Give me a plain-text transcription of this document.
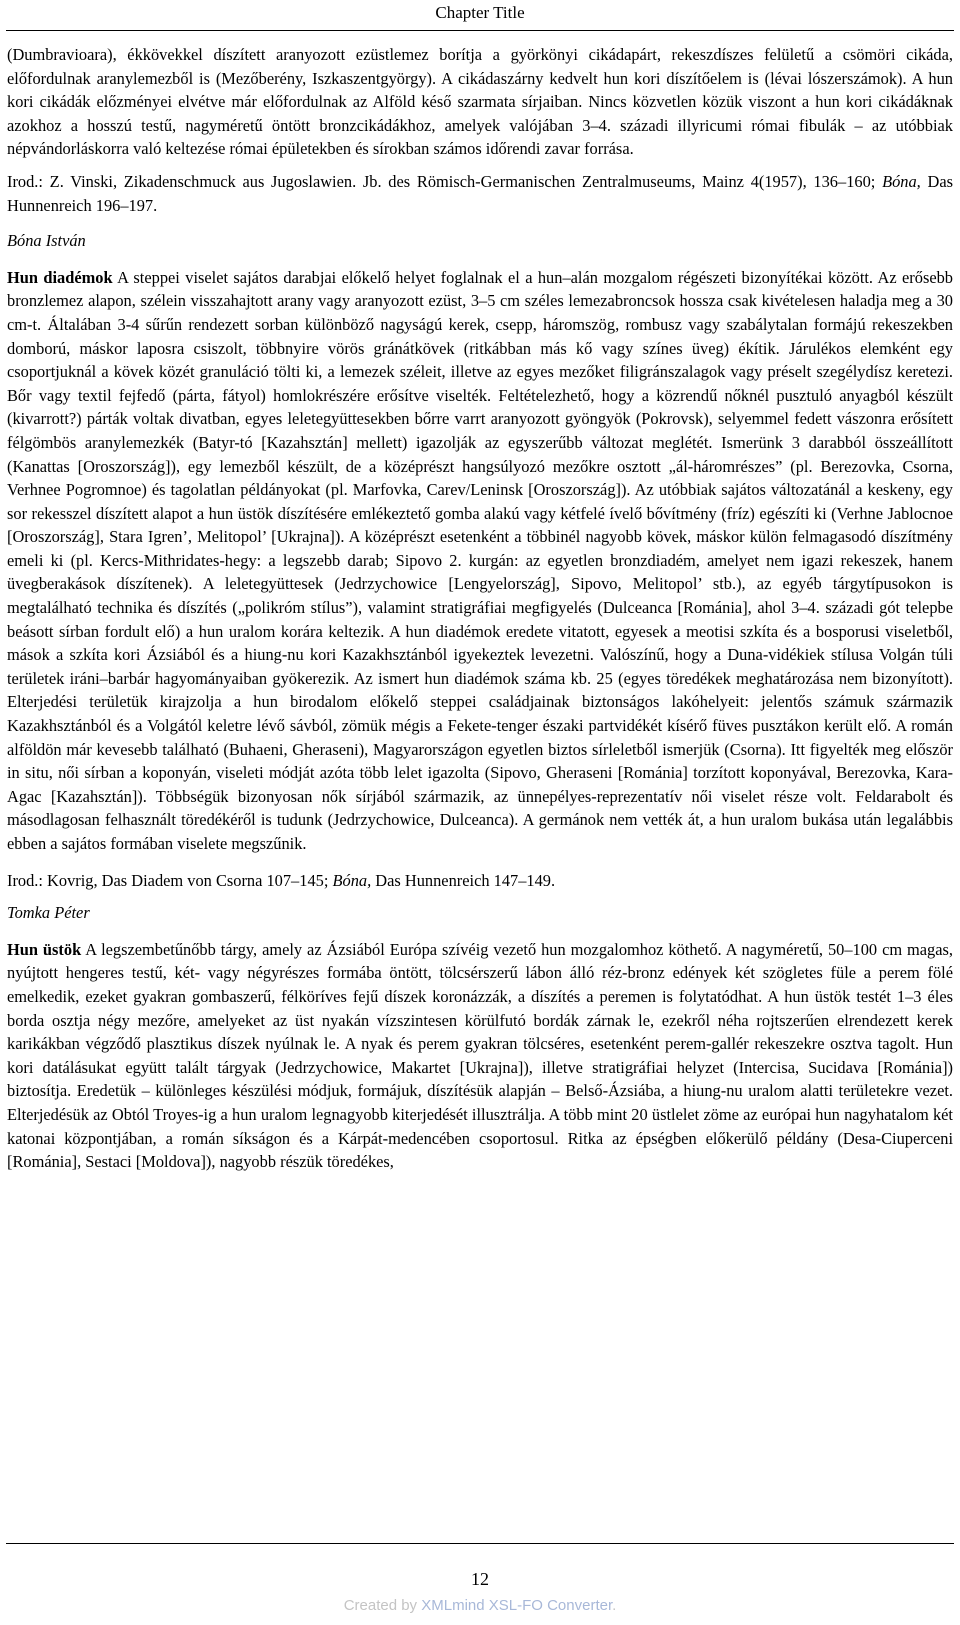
Chapter Title

(Dumbravioara), ékkövekkel díszített aranyozott ezüstlemez borítja a györkönyi cikádapárt, rekeszdíszes felületű a csömöri cikáda, előfordulnak aranylemezből is (Mezőberény, Iszkaszentgyörgy). A cikádaszárny kedvelt hun kori díszítőelem is (lévai lószerszámok). A hun kori cikádák előzményei elvétve már előfordulnak az Alföld késő szarmata sírjaiban. Nincs közvetlen közük viszont a hun kori cikádáknak azokhoz a hosszú testű, nagyméretű öntött bronzcikádákhoz, amelyek valójában 3–4. századi illyricumi római fibulák – az utóbbiak népvándorláskorra való keltezése római épületekben és sírokban számos időrendi zavar forrása.

Irod.: Z. Vinski, Zikadenschmuck aus Jugoslawien. Jb. des Römisch-Germanischen Zentralmuseums, Mainz 4(1957), 136–160; Bóna, Das Hunnenreich 196–197.

Bóna István

Hun diadémok A steppei viselet sajátos darabjai előkelő helyet foglalnak el a hun–alán mozgalom régészeti bizonyítékai között. Az erősebb bronzlemez alapon, szélein visszahajtott arany vagy aranyozott ezüst, 3–5 cm széles lemezabroncsok hossza csak kivételesen haladja meg a 30 cm-t. Általában 3-4 sűrűn rendezett sorban különböző nagyságú kerek, csepp, háromszög, rombusz vagy szabálytalan formájú rekeszekben domború, máskor laposra csiszolt, többnyire vörös gránátkövek (ritkábban más kő vagy színes üveg) ékítik. Járulékos elemként egy csoportjuknál a kövek közét granuláció tölti ki, a lemezek széleit, illetve az egyes mezőket filigránszalagok vagy préselt szegélydísz keretezi. Bőr vagy textil fejfedő (párta, fátyol) homlokrészére erősítve viselték. Feltételezhető, hogy a közrendű nőknél pusztuló anyagból készült (kivarrott?) párták voltak divatban, egyes leletegyüttesekben bőrre varrt aranyozott gyöngyök (Pokrovsk), selyemmel fedett vászonra erősített félgömbös aranylemezkék (Batyr-tó [Kazahsztán] mellett) igazolják az egyszerűbb változat meglétét. Ismerünk 3 darabból összeállított (Kanattas [Oroszország]), egy lemezből készült, de a középrészt hangsúlyozó mezőkre osztott „ál-háromrészes” (pl. Berezovka, Csorna, Verhnee Pogromnoe) és tagolatlan példányokat (pl. Marfovka, Carev/Leninsk [Oroszország]). Az utóbbiak sajátos változatánál a keskeny, egy sor rekesszel díszített alapot a hun üstök díszítésére emlékeztető gomba alakú vagy kétfelé ívelő bővítmény (fríz) egészíti ki (Verhne Jablocnoe [Oroszország], Stara Igren’, Melitopol’ [Ukrajna]). A középrészt esetenként a többinél nagyobb kövek, máskor külön felmagasodó díszítmény emeli ki (pl. Kercs-Mithridates-hegy: a legszebb darab; Sipovo 2. kurgán: az egyetlen bronzdiadém, amelyet nem igazi rekeszek, hanem üvegberakások díszítenek). A leletegyüttesek (Jedrzychowice [Lengyelország], Sipovo, Melitopol’ stb.), az egyéb tárgytípusokon is megtalálható technika és díszítés („polikróm stílus”), valamint stratigráfiai megfigyelés (Dulceanca [Románia], ahol 3–4. századi gót telepbe beásott sírban fordult elő) a hun uralom korára keltezik. A hun diadémok eredete vitatott, egyesek a meotisi szkíta és a bosporusi viseletből, mások a szkíta kori Ázsiából és a hiung-nu kori Kazakhsztánból igyekeztek levezetni. Valószínű, hogy a Duna-vidékiek stílusa Volgán túli területek iráni–barbár hagyományaiban gyökerezik. Az ismert hun diadémok száma kb. 25 (egyes töredékek meghatározása nem bizonyított). Elterjedési területük kirajzolja a hun birodalom előkelő steppei családjainak biztonságos lakóhelyeit: jelentős számuk származik Kazakhsztánból és a Volgától keletre lévő sávból, zömük mégis a Fekete-tenger északi partvidékét kísérő füves pusztákon került elő. A román alföldön már kevesebb található (Buhaeni, Gheraseni), Magyarországon egyetlen biztos sírleletből ismerjük (Csorna). Itt figyelték meg először in situ, női sírban a koponyán, viseleti módját azóta több lelet igazolta (Sipovo, Gheraseni [Románia] torzított koponyával, Berezovka, Kara-Agac [Kazahsztán]). Többségük bizonyosan nők sírjából származik, az ünnepélyes-reprezentatív női viselet része volt. Feldarabolt és másodlagosan felhasznált töredékéről is tudunk (Jedrzychowice, Dulceanca). A germánok nem vették át, a hun uralom bukása után legalábbis ebben a sajátos formában viselete megszűnik.

Irod.: Kovrig, Das Diadem von Csorna 107–145; Bóna, Das Hunnenreich 147–149.

Tomka Péter

Hun üstök A legszembetűnőbb tárgy, amely az Ázsiából Európa szívéig vezető hun mozgalomhoz köthető. A nagyméretű, 50–100 cm magas, nyújtott hengeres testű, két- vagy négyrészes formába öntött, tölcsérszerű lábon álló réz-bronz edények két szögletes füle a perem fölé emelkedik, ezeket gyakran gombaszerű, félköríves fejű díszek koronázzák, a díszítés a peremen is folytatódhat. A hun üstök testét 1–3 éles borda osztja négy mezőre, amelyeket az üst nyakán vízszintesen körülfutó bordák zárnak le, ezekről néha rojtszerűen elrendezett kerek karikákban végződő plasztikus díszek nyúlnak le. A nyak és perem gyakran tölcséres, esetenként perem-gallér rekeszekre osztva tagolt. Hun kori datálásukat együtt talált tárgyak (Jedrzychowice, Makartet [Ukrajna]), illetve stratigráfiai helyzet (Intercisa, Sucidava [Románia]) biztosítja. Eredetük – különleges készülési módjuk, formájuk, díszítésük alapján – Belső-Ázsiába, a hiung-nu uralom alatti területekre vezet. Elterjedésük az Obtól Troyes-ig a hun uralom legnagyobb kiterjedését illusztrálja. A több mint 20 üstlelet zöme az európai hun nagyhatalom két katonai központjában, a román síkságon és a Kárpát-medencében csoportosul. Ritka az épségben előkerülő példány (Desa-Ciuperceni [Románia], Sestaci [Moldova]), nagyobb részük töredékes,

12
Created by XMLmind XSL-FO Converter.
